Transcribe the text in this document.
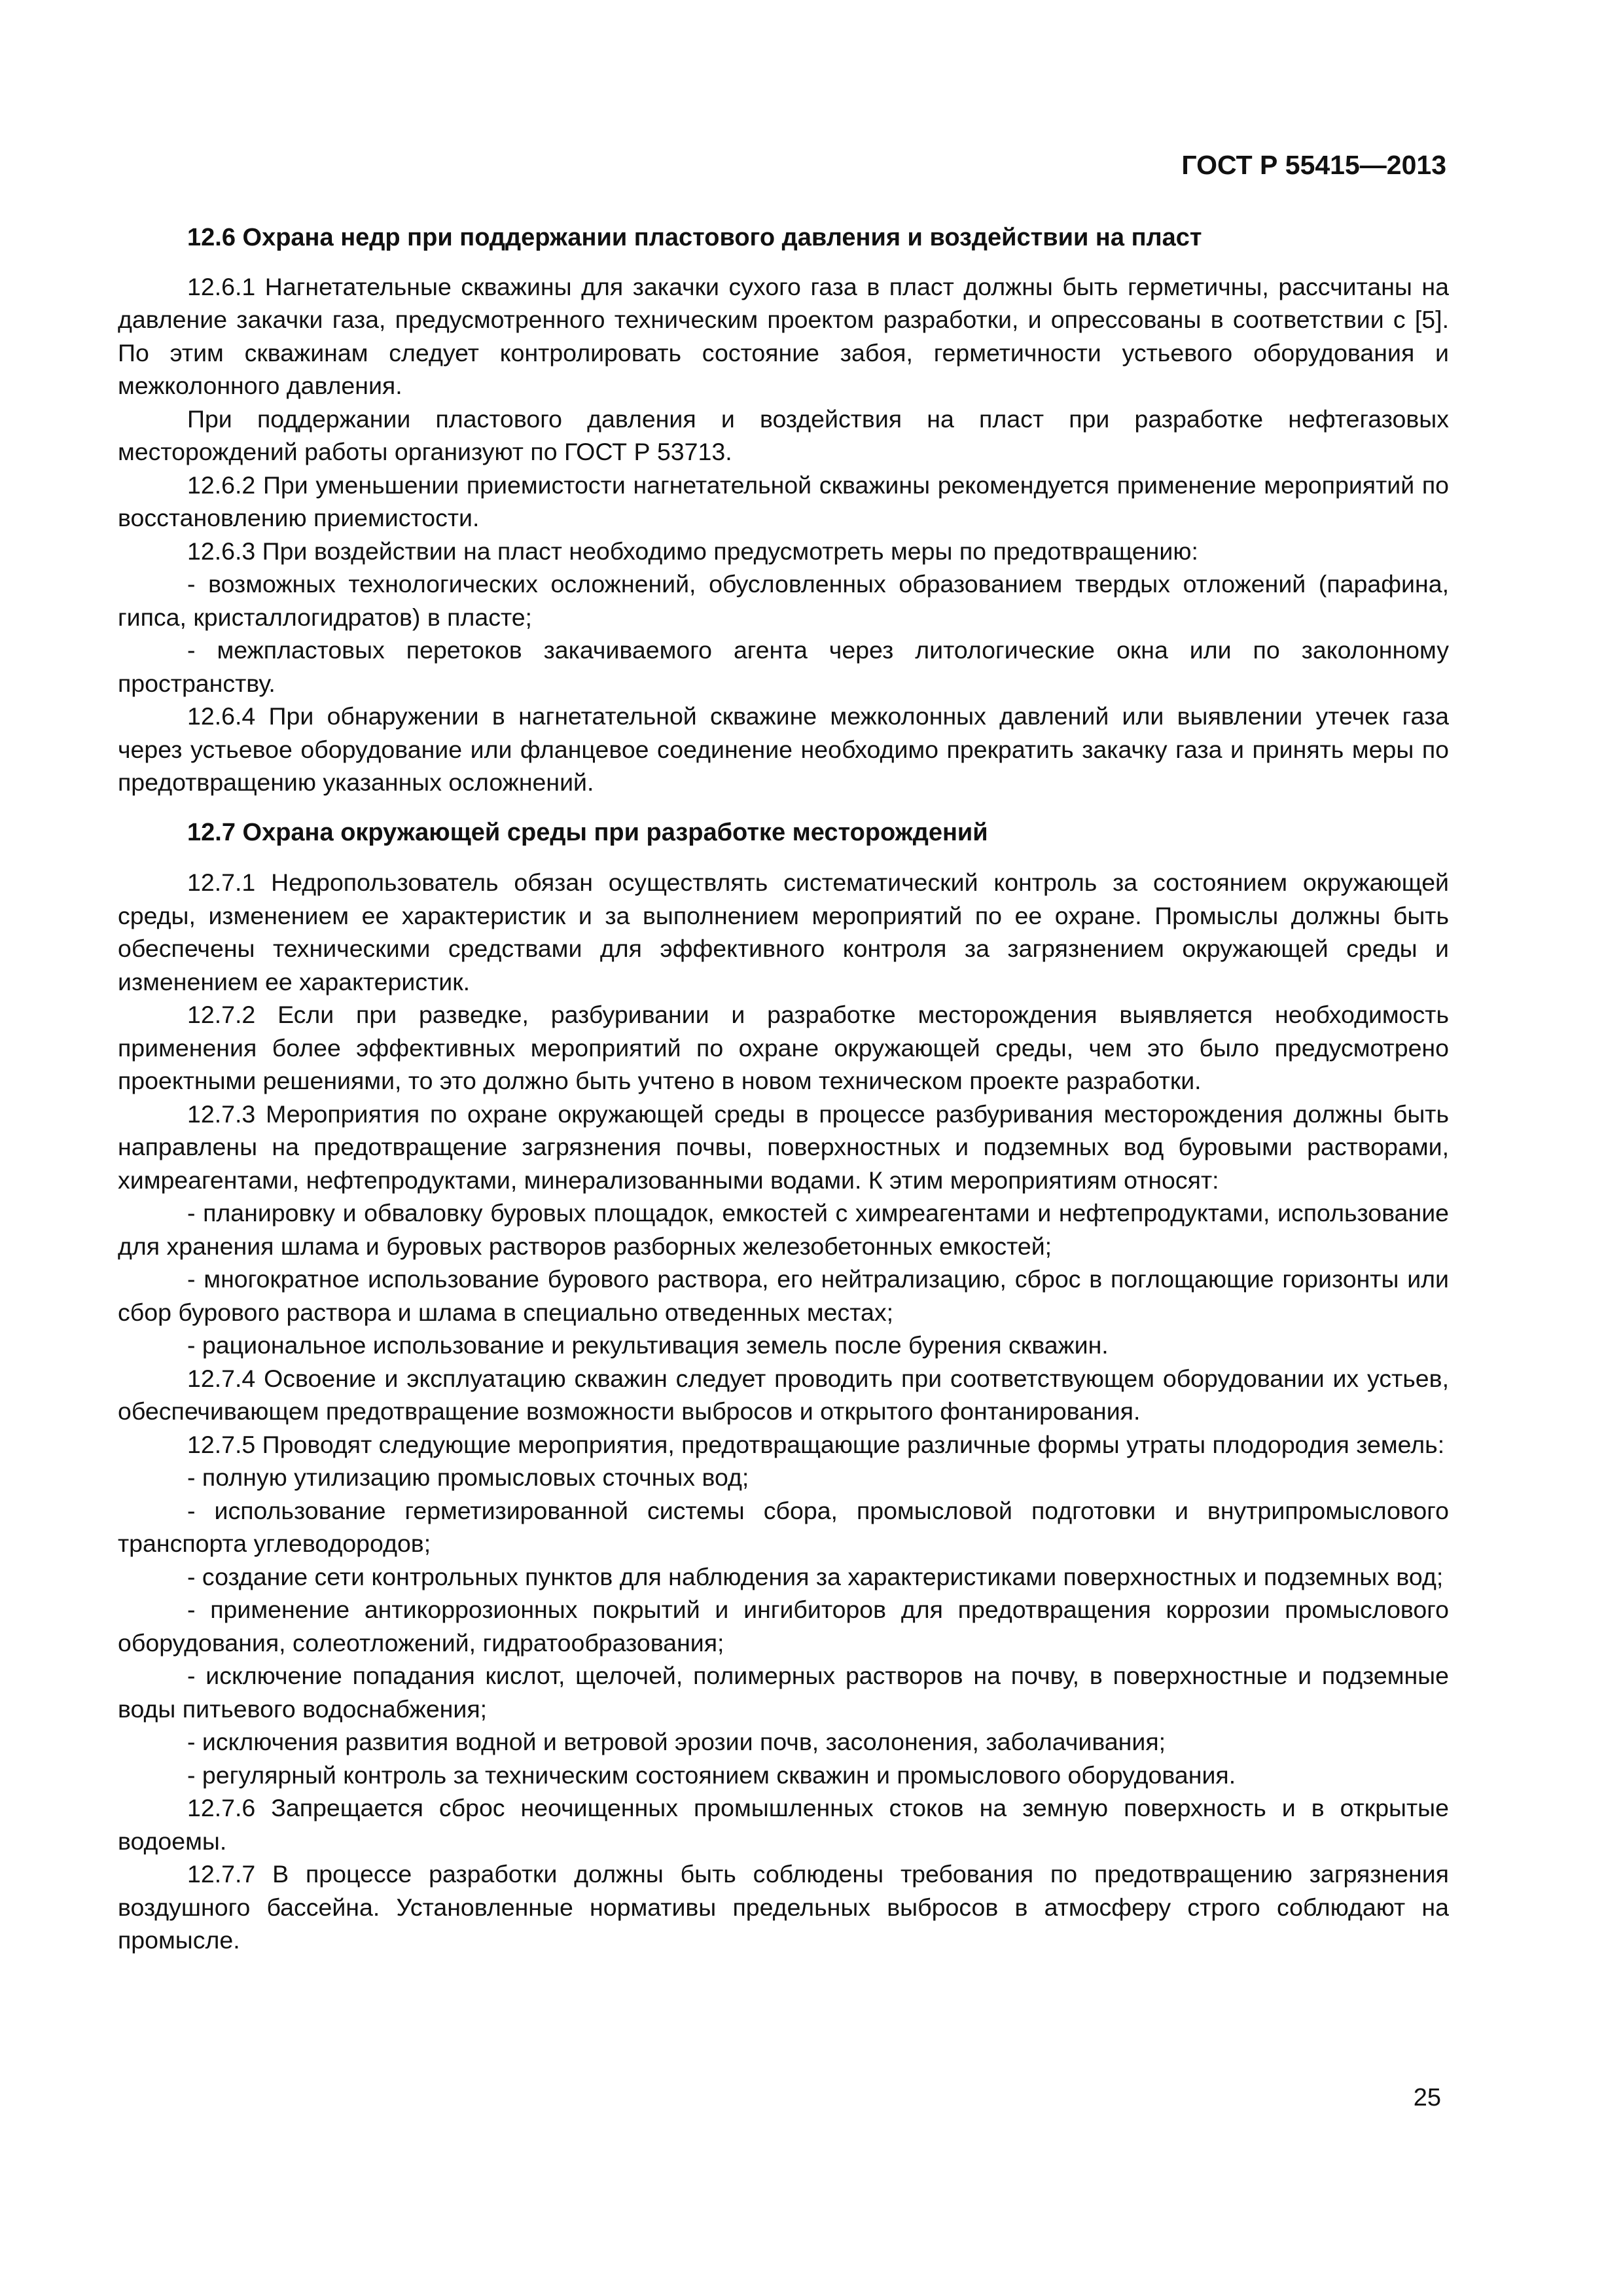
ГОСТ Р 55415—2013
12.6 Охрана недр при поддержании пластового давления и воздействии на пласт

12.6.1 Нагнетательные скважины для закачки сухого газа в пласт должны быть герметичны, рассчитаны на давление закачки газа, предусмотренного техническим проектом разработки, и опрессованы в соответствии с [5]. По этим скважинам следует контролировать состояние забоя, герметичности устьевого оборудования и межколонного давления.

При поддержании пластового давления и воздействия на пласт при разработке нефтегазовых месторождений работы организуют по ГОСТ Р 53713.

12.6.2 При уменьшении приемистости нагнетательной скважины рекомендуется применение мероприятий по восстановлению приемистости.

12.6.3 При воздействии на пласт необходимо предусмотреть меры по предотвращению:

- возможных технологических осложнений, обусловленных образованием твердых отложений (парафина, гипса, кристаллогидратов) в пласте;

- межпластовых перетоков закачиваемого агента через литологические окна или по заколонному пространству.

12.6.4 При обнаружении в нагнетательной скважине межколонных давлений или выявлении утечек газа через устьевое оборудование или фланцевое соединение необходимо прекратить закачку газа и принять меры по предотвращению указанных осложнений.

12.7 Охрана окружающей среды при разработке месторождений

12.7.1 Недропользователь обязан осуществлять систематический контроль за состоянием окружающей среды, изменением ее характеристик и за выполнением мероприятий по ее охране. Промыслы должны быть обеспечены техническими средствами для эффективного контроля за загрязнением окружающей среды и изменением ее характеристик.

12.7.2 Если при разведке, разбуривании и разработке месторождения выявляется необходимость применения более эффективных мероприятий по охране окружающей среды, чем это было предусмотрено проектными решениями, то это должно быть учтено в новом техническом проекте разработки.

12.7.3 Мероприятия по охране окружающей среды в процессе разбуривания месторождения должны быть направлены на предотвращение загрязнения почвы, поверхностных и подземных вод буровыми растворами, химреагентами, нефтепродуктами, минерализованными водами. К этим мероприятиям относят:

- планировку и обваловку буровых площадок, емкостей с химреагентами и нефтепродуктами, использование для хранения шлама и буровых растворов разборных железобетонных емкостей;

- многократное использование бурового раствора, его нейтрализацию, сброс в поглощающие горизонты или сбор бурового раствора и шлама в специально отведенных местах;

- рациональное использование и рекультивация земель после бурения скважин.

12.7.4 Освоение и эксплуатацию скважин следует проводить при соответствующем оборудовании их устьев, обеспечивающем предотвращение возможности выбросов и открытого фонтанирования.

12.7.5 Проводят следующие мероприятия, предотвращающие различные формы утраты плодородия земель:

- полную утилизацию промысловых сточных вод;

- использование герметизированной системы сбора, промысловой подготовки и внутрипромыслового транспорта углеводородов;

- создание сети контрольных пунктов для наблюдения за характеристиками поверхностных и подземных вод;

- применение антикоррозионных покрытий и ингибиторов для предотвращения коррозии промыслового оборудования, солеотложений, гидратообразования;

- исключение попадания кислот, щелочей, полимерных растворов на почву, в поверхностные и подземные воды питьевого водоснабжения;

- исключения развития водной и ветровой эрозии почв, засолонения, заболачивания;

- регулярный контроль за техническим состоянием скважин и промыслового оборудования.

12.7.6 Запрещается сброс неочищенных промышленных стоков на земную поверхность и в открытые водоемы.

12.7.7 В процессе разработки должны быть соблюдены требования по предотвращению загрязнения воздушного бассейна. Установленные нормативы предельных выбросов в атмосферу строго соблюдают на промысле.

25
